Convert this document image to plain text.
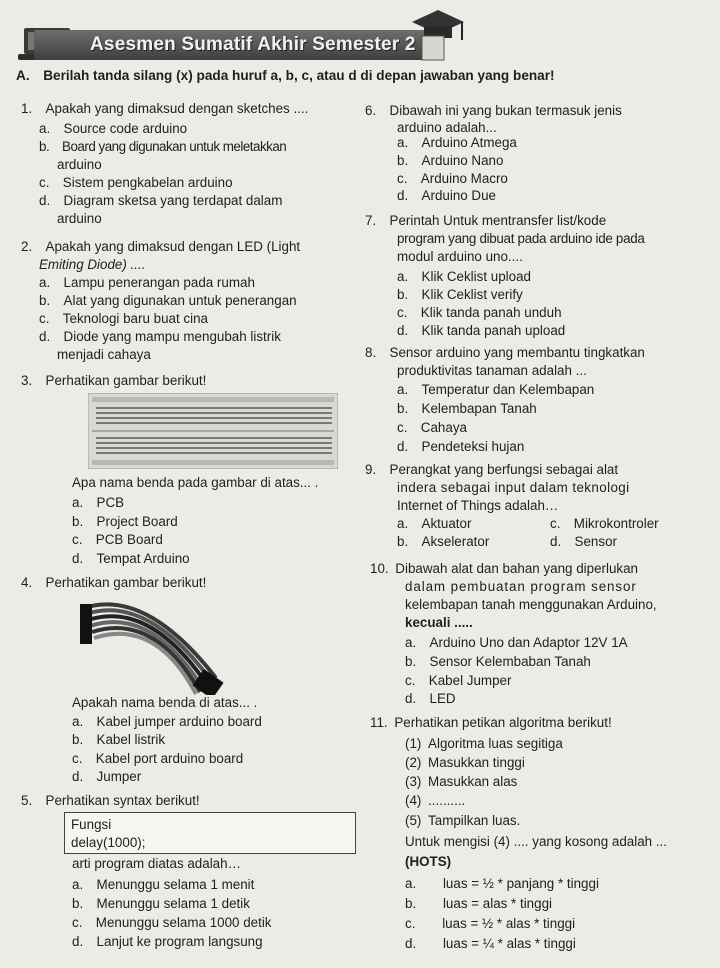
Asesmen Sumatif Akhir Semester 2
A. Berilah tanda silang (x) pada huruf a, b, c, atau d di depan jawaban yang benar!
1. Apakah yang dimaksud dengan sketches ....
a. Source code arduino
b. Board yang digunakan untuk meletakkan
arduino
c. Sistem pengkabelan arduino
d. Diagram sketsa yang terdapat dalam
arduino
2. Apakah yang dimaksud dengan LED (Light
Emiting Diode) ....
a. Lampu penerangan pada rumah
b. Alat yang digunakan untuk penerangan
c. Teknologi baru buat cina
d. Diode yang mampu mengubah listrik
menjadi cahaya
3. Perhatikan gambar berikut!
Apa nama benda pada gambar di atas... .
a. PCB
b. Project Board
c. PCB Board
d. Tempat Arduino
4. Perhatikan gambar berikut!
Apakah nama benda di atas... .
a. Kabel jumper arduino board
b. Kabel listrik
c. Kabel port arduino board
d. Jumper
5. Perhatikan syntax berikut!
Fungsi
delay(1000);
arti program diatas adalah…
a. Menunggu selama 1 menit
b. Menunggu selama 1 detik
c. Menunggu selama 1000 detik
d. Lanjut ke program langsung
6. Dibawah ini yang bukan termasuk jenis
arduino adalah...
a. Arduino Atmega
b. Arduino Nano
c. Arduino Macro
d. Arduino Due
7. Perintah Untuk mentransfer list/kode
program yang dibuat pada arduino ide pada
modul arduino uno....
a. Klik Ceklist upload
b. Klik Ceklist verify
c. Klik tanda panah unduh
d. Klik tanda panah upload
8. Sensor arduino yang membantu tingkatkan
produktivitas tanaman adalah ...
a. Temperatur dan Kelembapan
b. Kelembapan Tanah
c. Cahaya
d. Pendeteksi hujan
9. Perangkat yang berfungsi sebagai alat
indera sebagai input dalam teknologi
Internet of Things adalah…
a. Aktuator
b. Akselerator
c. Mikrokontroler
d. Sensor
10. Dibawah alat dan bahan yang diperlukan
dalam pembuatan program sensor
kelembapan tanah menggunakan Arduino,
kecuali .....
a. Arduino Uno dan Adaptor 12V 1A
b. Sensor Kelembaban Tanah
c. Kabel Jumper
d. LED
11. Perhatikan petikan algoritma berikut!
(1) Algoritma luas segitiga
(2) Masukkan tinggi
(3) Masukkan alas
(4) ..........
(5) Tampilkan luas.
Untuk mengisi (4) .... yang kosong adalah ...
(HOTS)
a.  luas = ½ * panjang * tinggi
b.  luas = alas * tinggi
c.  luas = ½ * alas * tinggi
d.  luas = ¼ * alas * tinggi
